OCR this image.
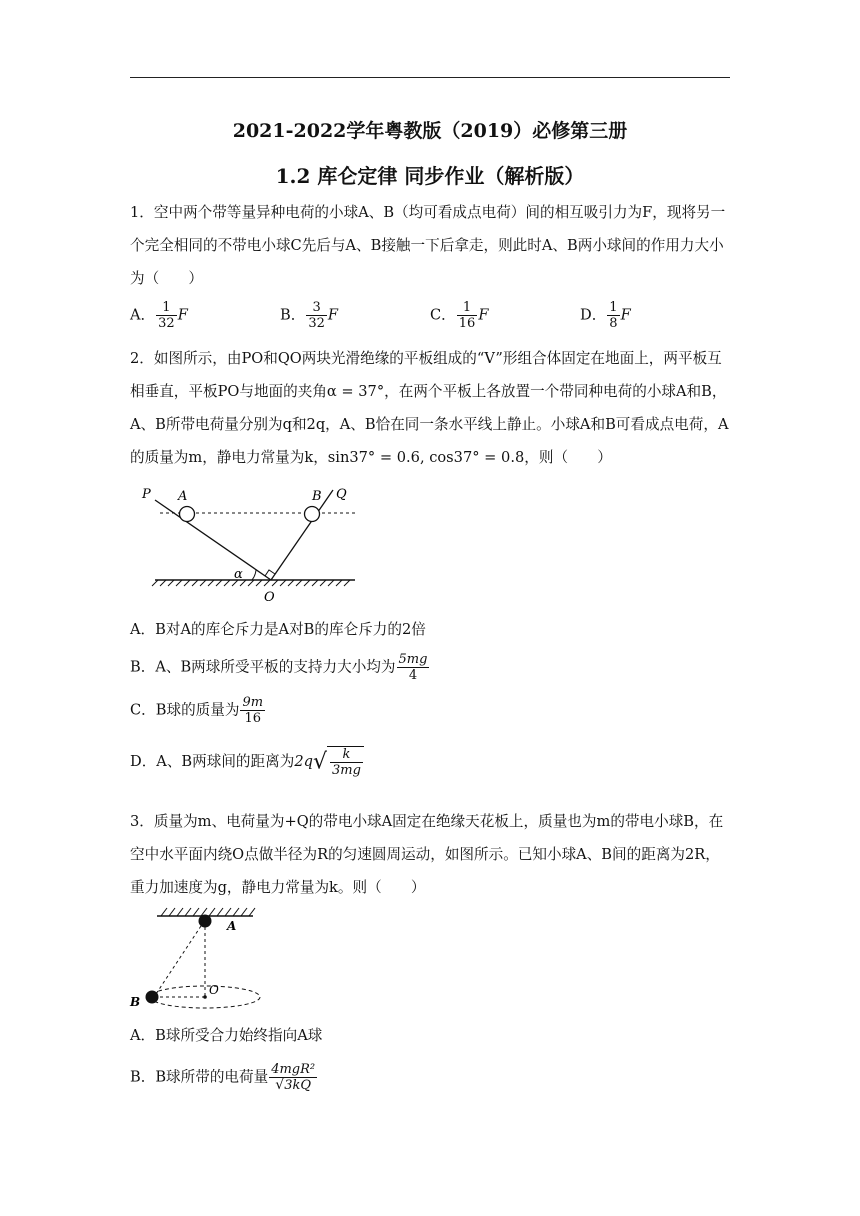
2021-2022学年粤教版（2019）必修第三册
1.2 库仑定律 同步作业（解析版）
1．空中两个带等量异种电荷的小球A、B（均可看成点电荷）间的相互吸引力为F，现将另一个完全相同的不带电小球C先后与A、B接触一下后拿走，则此时A、B两小球间的作用力大小为（　　）
A． $\frac{1}{32}$ F	B． $\frac{3}{32}$ F	C． $\frac{1}{16}$ F	D． $\frac{1}{8}$ F
2．如图所示，由PO和QO两块光滑绝缘的平板组成的“V”形组合体固定在地面上，两平板互相垂直，平板PO与地面的夹角α = 37°，在两个平板上各放置一个带同种电荷的小球A和B，A、B所带电荷量分别为q和2q，A、B恰在同一条水平线上静止。小球A和B可看成点电荷，A的质量为m，静电力常量为k，sin37° = 0.6, cos37° = 0.8，则（　　）
P A	B Q
α
O
A．B对A的库仑斥力是A对B的库仑斥力的2倍
B．A、B两球所受平板的支持力大小均为 $\frac{5mg}{4}$
C．B球的质量为 $\frac{9m}{16}$
D．A、B两球间的距离为$2q√ \frac{k}{3mg}$
3．质量为m、电荷量为+Q的带电小球A固定在绝缘天花板上，质量也为m的带电小球B，在空中水平面内绕O点做半径为R的匀速圆周运动，如图所示。已知小球A、B间的距离为2R，重力加速度为g，静电力常量为k。则（　　）
A
O
B
A．B球所受合力始终指向A球
B．B球所带的电荷量 $\frac{\text{4mgR²}}{√3kQ}$
